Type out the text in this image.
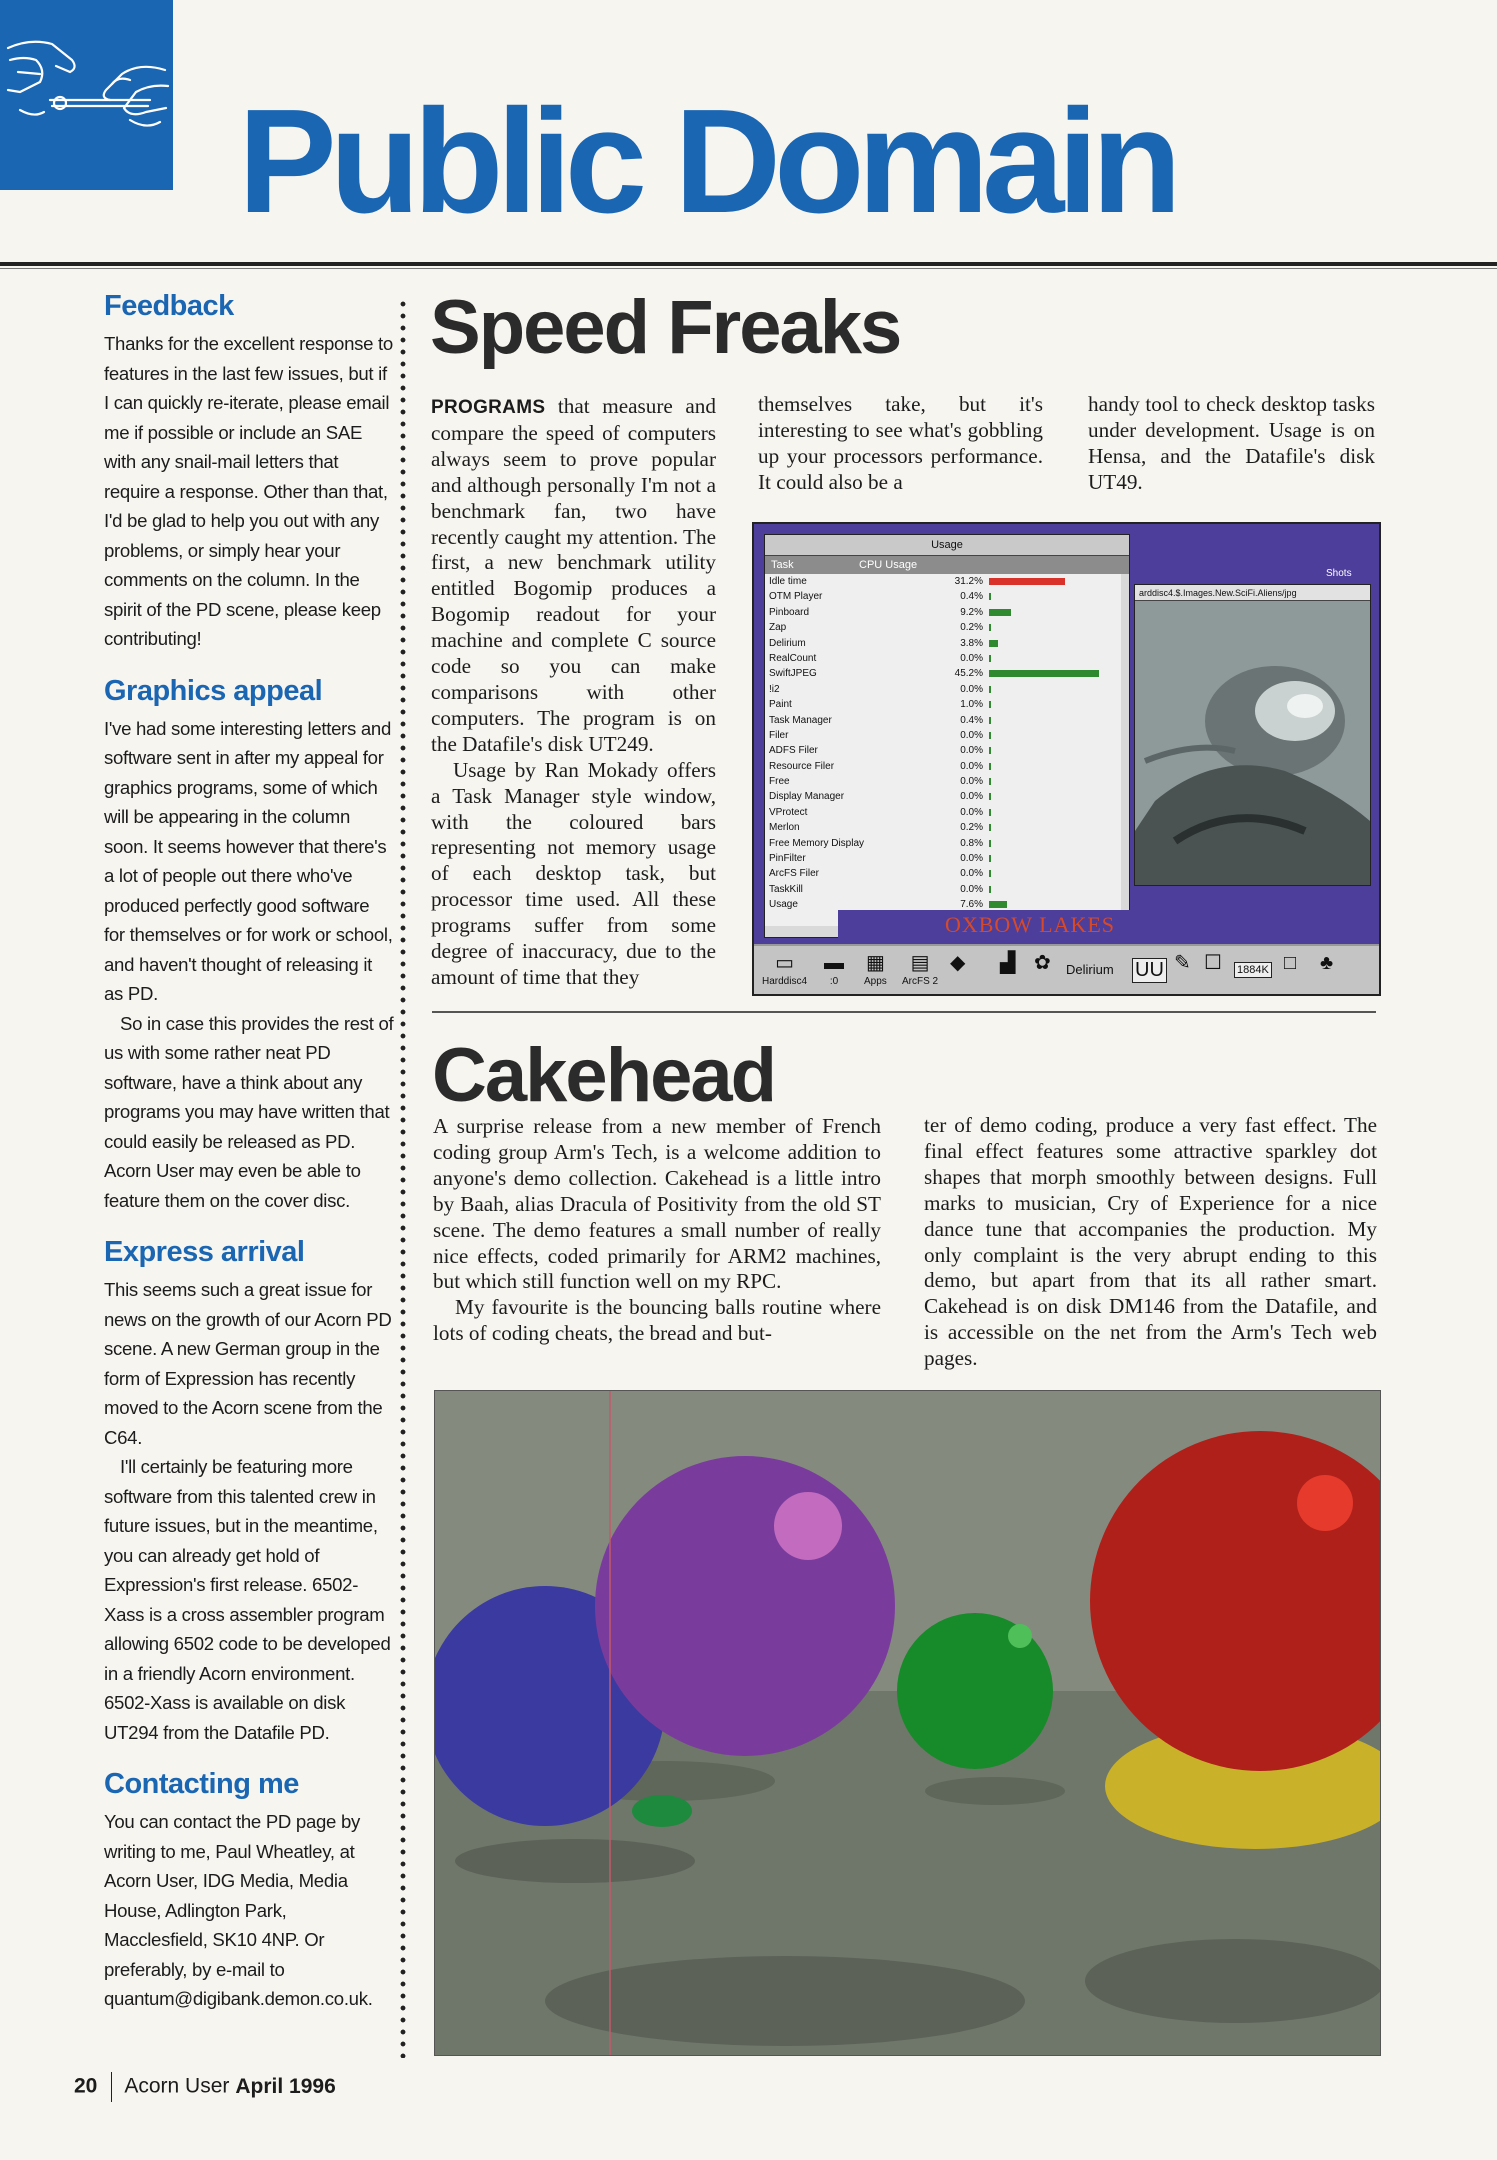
Public Domain
Feedback

Thanks for the excellent response to features in the last few issues, but if I can quickly re-iterate, please email me if possible or include an SAE with any snail-mail letters that require a response. Other than that, I'd be glad to help you out with any problems, or simply hear your comments on the column. In the spirit of the PD scene, please keep contributing!

Graphics appeal

I've had some interesting letters and software sent in after my appeal for graphics programs, some of which will be appearing in the column soon. It seems however that there's a lot of people out there who've produced perfectly good software for themselves or for work or school, and haven't thought of releasing it as PD.

So in case this provides the rest of us with some rather neat PD software, have a think about any programs you may have written that could easily be released as PD. Acorn User may even be able to feature them on the cover disc.

Express arrival

This seems such a great issue for news on the growth of our Acorn PD scene. A new German group in the form of Expression has recently moved to the Acorn scene from the C64.

I'll certainly be featuring more software from this talented crew in future issues, but in the meantime, you can already get hold of Expression's first release. 6502-Xass is a cross assembler program allowing 6502 code to be developed in a friendly Acorn environment. 6502-Xass is available on disk UT294 from the Datafile PD.

Contacting me

You can contact the PD page by writing to me, Paul Wheatley, at Acorn User, IDG Media, Media House, Adlington Park, Macclesfield, SK10 4NP. Or preferably, by e-mail to quantum@digibank.demon.co.uk.

Speed Freaks

PROGRAMS that measure and compare the speed of computers always seem to prove popular and although personally I'm not a benchmark fan, two have recently caught my attention. The first, a new benchmark utility entitled Bogomip produces a Bogomip readout for your machine and complete C source code so you can make comparisons with other computers. The program is on the Datafile's disk UT249.

Usage by Ran Mokady offers a Task Manager style window, with the coloured bars representing not memory usage of each desktop task, but processor time used. All these programs suffer from some degree of inaccuracy, due to the amount of time that they

themselves take, but it's interesting to see what's gobbling up your processors performance. It could also be a

handy tool to check desktop tasks under development. Usage is on Hensa, and the Datafile's disk UT49.

Shots
arddisc4.$.Images.New.SciFi.Aliens/jpg
Usage
Task	CPU Usage
Idle time	31.2%
OTM Player	0.4%
Pinboard	9.2%
Zap	0.2%
Delirium	3.8%
RealCount	0.0%
SwiftJPEG	45.2%
!i2	0.0%
Paint	1.0%
Task Manager	0.4%
Filer	0.0%
ADFS Filer	0.0%
Resource Filer	0.0%
Free	0.0%
Display Manager	0.0%
VProtect	0.0%
Merlon	0.2%
Free Memory Display	0.8%
PinFilter	0.0%
ArcFS Filer	0.0%
TaskKill	0.0%
Usage	7.6%
OXBOW LAKES
▭
Harddisc4
▬
:0
▦
Apps
▤
ArcFS 2
◆ ▟ ✿ Delirium UU ✎ ☐ 1884K □ ♣
Cakehead

A surprise release from a new member of French coding group Arm's Tech, is a welcome addition to anyone's demo collection. Cakehead is a little intro by Baah, alias Dracula of Positivity from the old ST scene. The demo features a small number of really nice effects, coded primarily for ARM2 machines, but which still function well on my RPC.

My favourite is the bouncing balls routine where lots of coding cheats, the bread and but-

ter of demo coding, produce a very fast effect. The final effect features some attractive sparkley dot shapes that morph smoothly between designs. Full marks to musician, Cry of Experience for a nice dance tune that accompanies the production. My only complaint is the very abrupt ending to this demo, but apart from that its all rather smart. Cakehead is on disk DM146 from the Datafile, and is accessible on the net from the Arm's Tech web pages.

20 Acorn User April 1996
